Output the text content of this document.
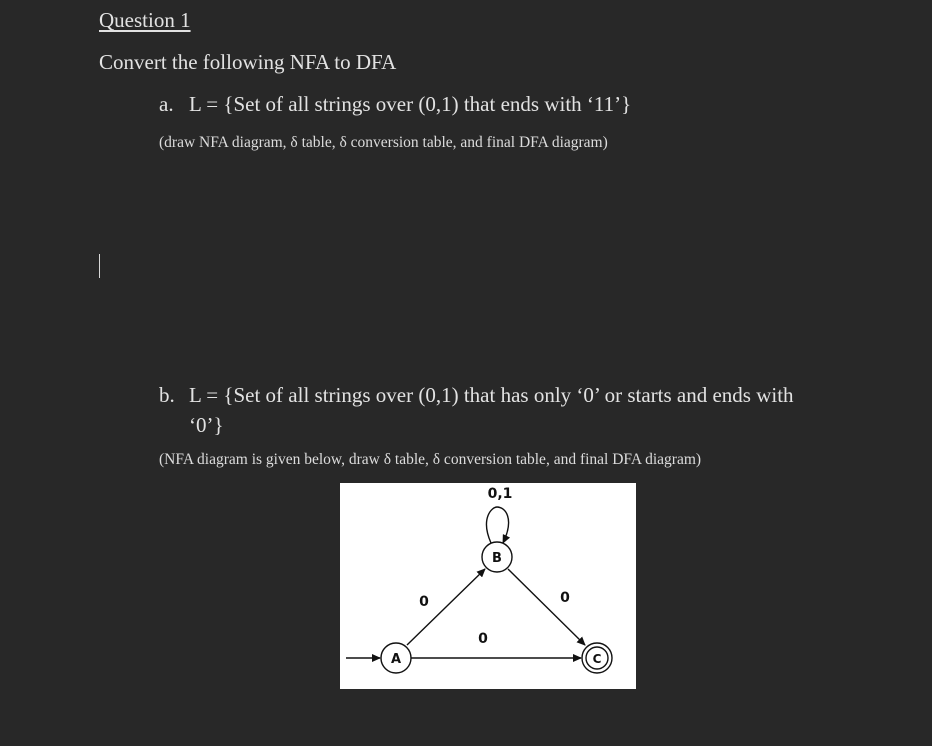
Question 1
Convert the following NFA to DFA
a. L = {Set of all strings over (0,1) that ends with ‘11’}
(draw NFA diagram, δ table, δ conversion table, and final DFA diagram)
b. L = {Set of all strings over (0,1) that has only ‘0’ or starts and ends with
‘0’}
(NFA diagram is given below, draw δ table, δ conversion table, and final DFA diagram)
A
B
C
0,1
0	0
0
